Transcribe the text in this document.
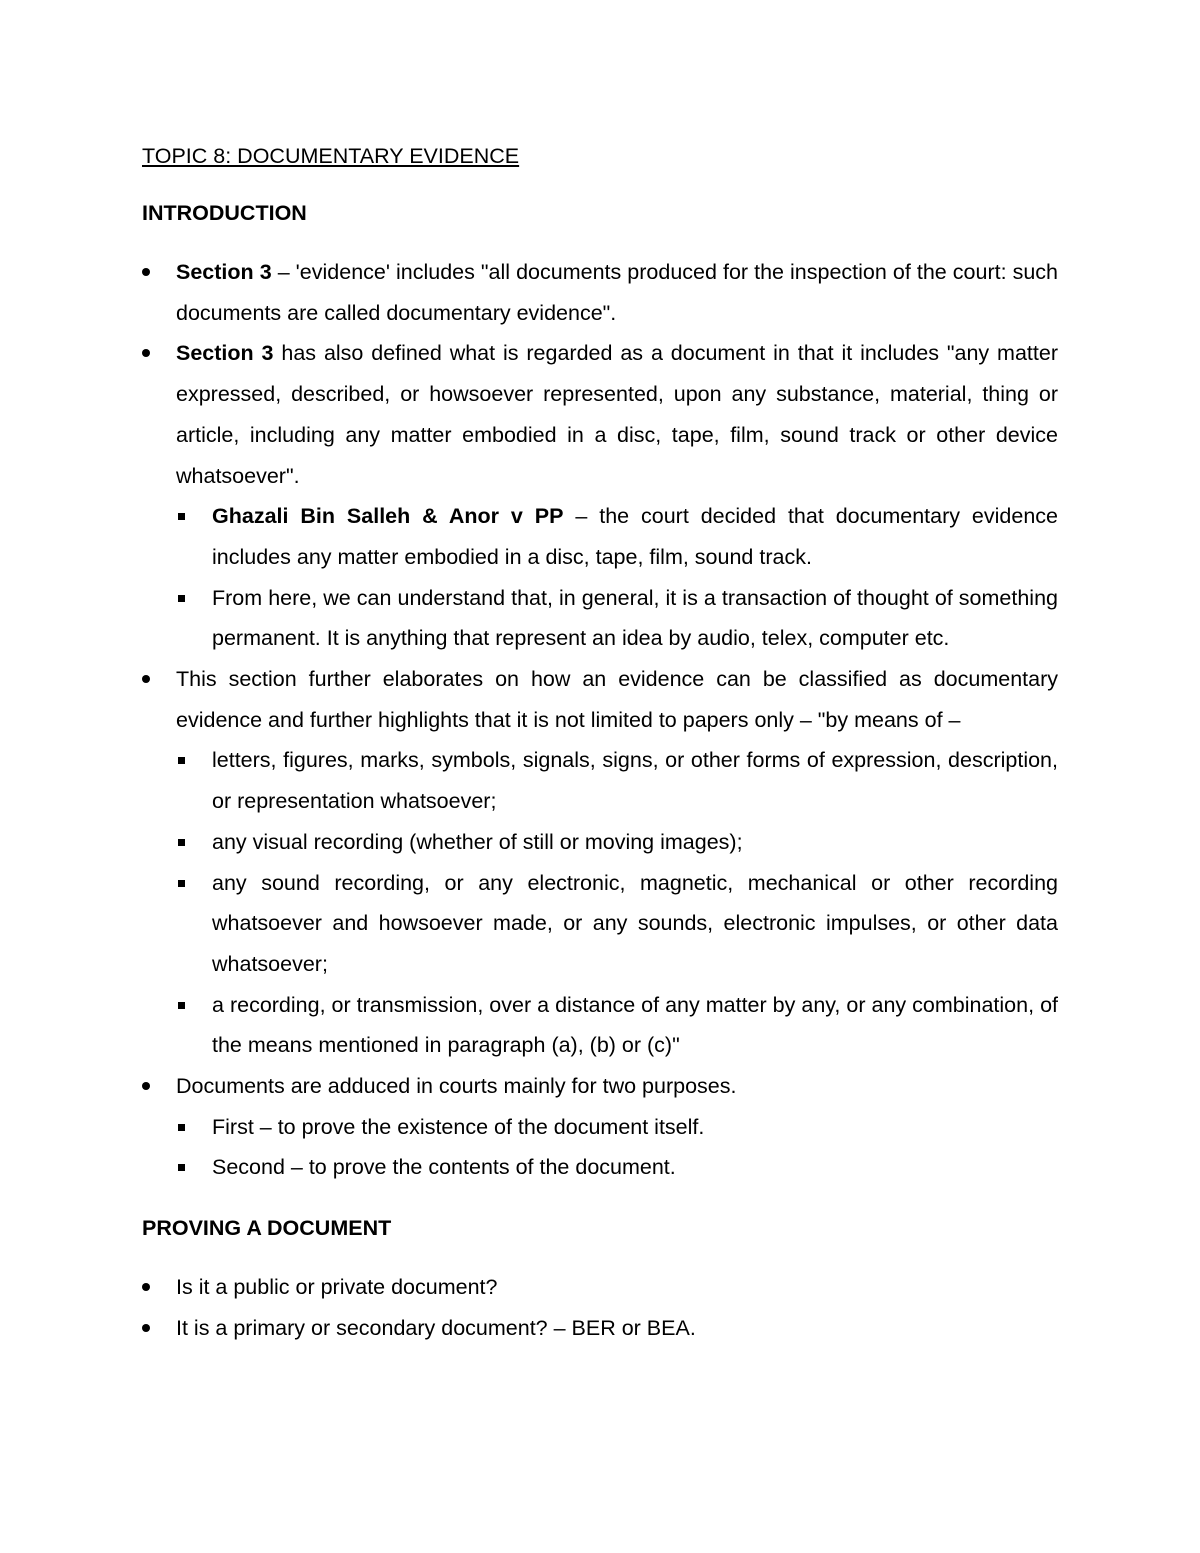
TOPIC 8: DOCUMENTARY EVIDENCE
INTRODUCTION
Section 3 – 'evidence' includes "all documents produced for the inspection of the court: such documents are called documentary evidence".
Section 3 has also defined what is regarded as a document in that it includes "any matter expressed, described, or howsoever represented, upon any substance, material, thing or article, including any matter embodied in a disc, tape, film, sound track or other device whatsoever".
Ghazali Bin Salleh & Anor v PP – the court decided that documentary evidence includes any matter embodied in a disc, tape, film, sound track.
From here, we can understand that, in general, it is a transaction of thought of something permanent. It is anything that represent an idea by audio, telex, computer etc.
This section further elaborates on how an evidence can be classified as documentary evidence and further highlights that it is not limited to papers only – "by means of –
letters, figures, marks, symbols, signals, signs, or other forms of expression, description, or representation whatsoever;
any visual recording (whether of still or moving images);
any sound recording, or any electronic, magnetic, mechanical or other recording whatsoever and howsoever made, or any sounds, electronic impulses, or other data whatsoever;
a recording, or transmission, over a distance of any matter by any, or any combination, of the means mentioned in paragraph (a), (b) or (c)"
Documents are adduced in courts mainly for two purposes.
First – to prove the existence of the document itself.
Second – to prove the contents of the document.
PROVING A DOCUMENT
Is it a public or private document?
It is a primary or secondary document? – BER or BEA.
